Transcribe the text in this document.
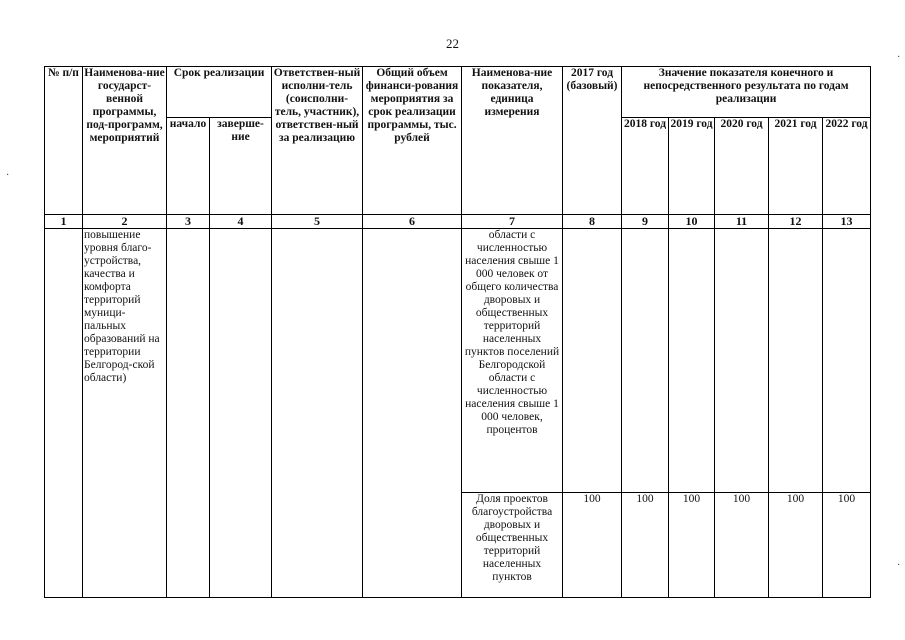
22
·
·
·
№ п/п	Наименова-ние государст-венной программы, под-программ, мероприятий	Срок реализации		Ответствен-ный исполни-тель (соисполни-тель, участник), ответствен-ный за реализацию	Общий объем финанси-рования мероприятия за срок реализации программы, тыс. рублей	Наименова-ние показателя, единица измерения	2017 год (базовый)	Значение показателя конечного и непосредственного результата по годам реализации				
		начало	заверше-ние					2018 год	2019 год	2020 год	2021 год	2022 год
1	2	3	4	5	6	7	8	9	10	11	12	13
	повышение уровня благо-устройства, качества и комфорта территорий муници-пальных образований на территории Белгород-ской области)					области с численностью населения свыше 1 000 человек от общего количества дворовых и общественных территорий населенных пунктов поселений Белгородской области с численностью населения свыше 1 000 человек, процентов						
						Доля проектов благоустройства дворовых и общественных территорий населенных пунктов	100	100	100	100	100	100
